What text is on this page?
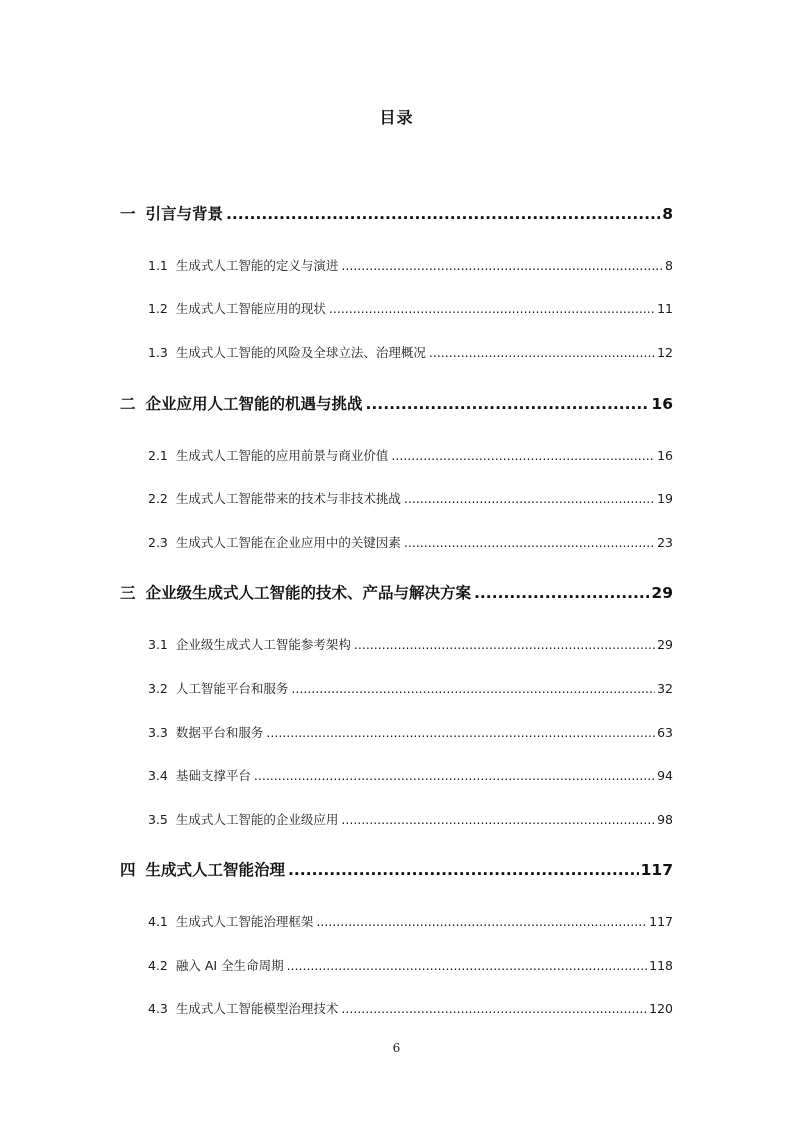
目录
一 引言与背景 .....	8
1.1 生成式人工智能的定义与演进 .....	8
1.2 生成式人工智能应用的现状 .....	11
1.3 生成式人工智能的风险及全球立法、治理概况 .....	12
二 企业应用人工智能的机遇与挑战 .....	16
2.1 生成式人工智能的应用前景与商业价值 .....	16
2.2 生成式人工智能带来的技术与非技术挑战 .....	19
2.3 生成式人工智能在企业应用中的关键因素 .....	23
三 企业级生成式人工智能的技术、产品与解决方案 .....	29
3.1 企业级生成式人工智能参考架构 .....	29
3.2 人工智能平台和服务 .....	32
3.3 数据平台和服务 .....	63
3.4 基础支撑平台 .....	94
3.5 生成式人工智能的企业级应用 .....	98
四 生成式人工智能治理 .....	117
4.1 生成式人工智能治理框架 .....	117
4.2 融入 AI 全生命周期 .....	118
4.3 生成式人工智能模型治理技术 .....	120
6
